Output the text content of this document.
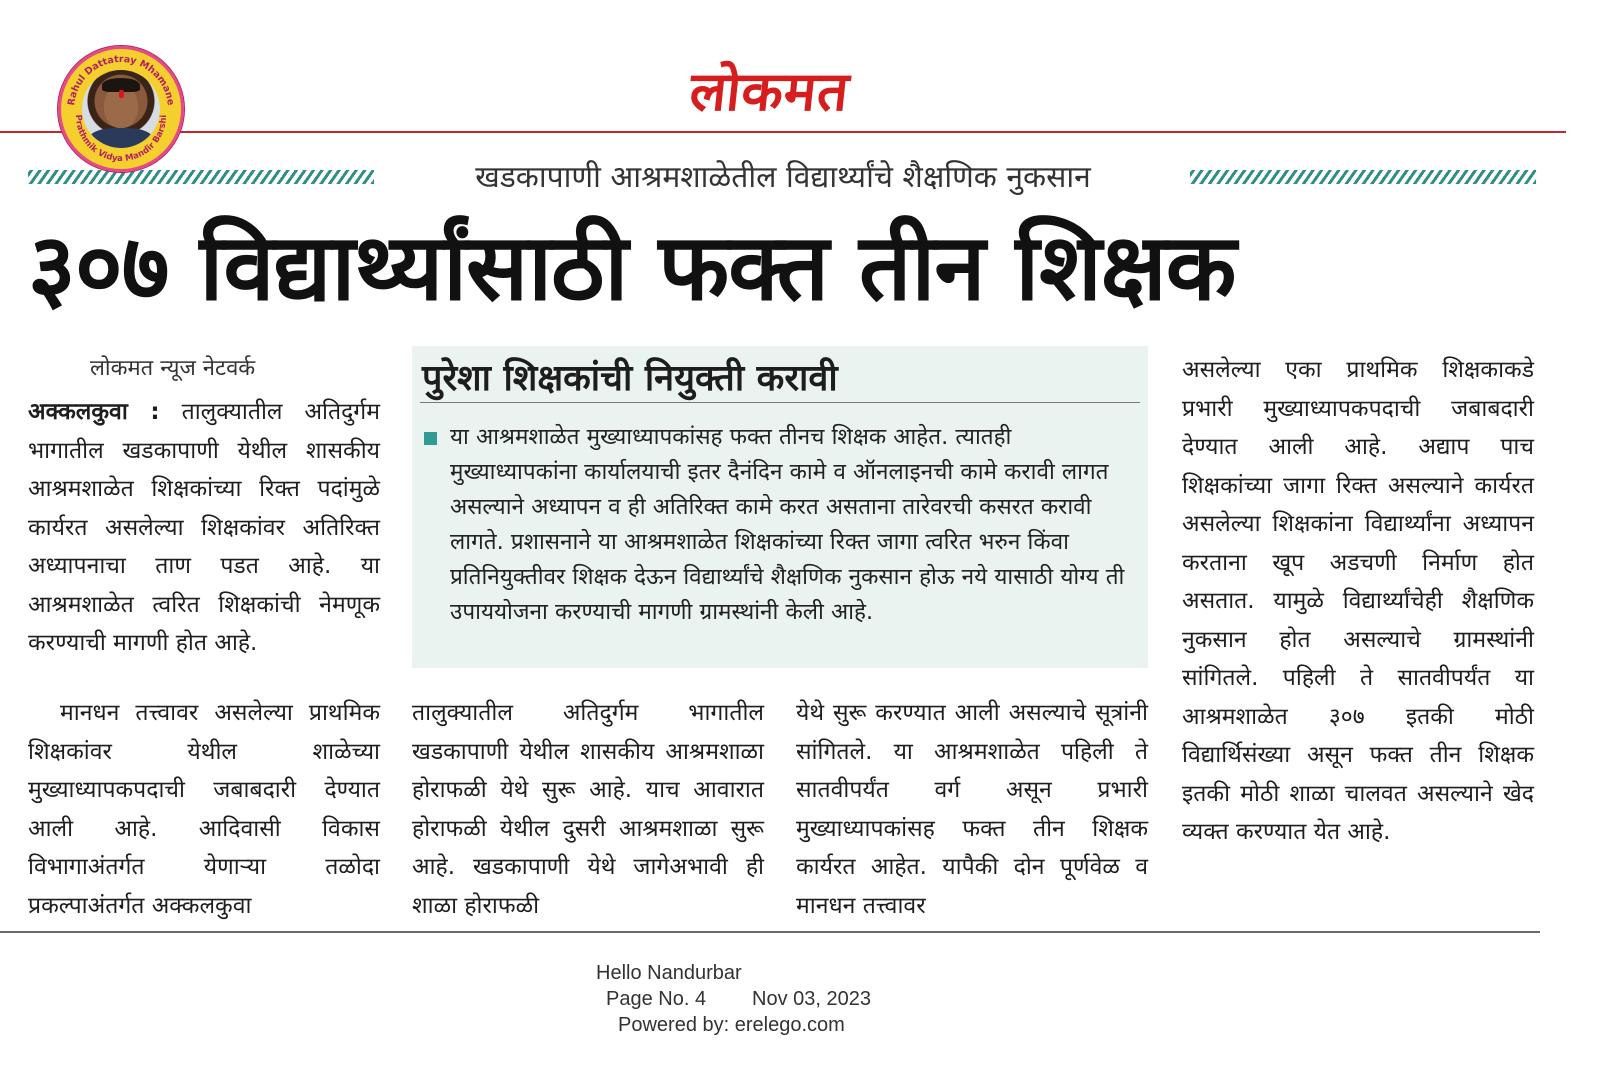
लोकमत
Rahul Dattatray Mhamane
Prathmik Vidya Mandir Barshi
खडकापाणी आश्रमशाळेतील विद्यार्थ्यांचे शैक्षणिक नुकसान
३०७ विद्यार्थ्यांसाठी फक्त तीन शिक्षक
लोकमत न्यूज नेटवर्क

अक्कलकुवा : तालुक्यातील अतिदुर्गम भागातील खडकापाणी येथील शासकीय आश्रमशाळेत शिक्षकांच्या रिक्त पदांमुळे कार्यरत असलेल्या शिक्षकांवर अतिरिक्त अध्यापनाचा ताण पडत आहे. या आश्रमशाळेत त्वरित शिक्षकांची नेमणूक करण्याची मागणी होत आहे.

मानधन तत्त्वावर असलेल्या प्राथमिक शिक्षकांवर येथील शाळेच्या मुख्याध्यापकपदाची जबाबदारी देण्यात आली आहे. आदिवासी विकास विभागाअंतर्गत येणाऱ्या तळोदा प्रकल्पाअंतर्गत अक्कलकुवा

पुरेशा शिक्षकांची नियुक्ती करावी
या आश्रमशाळेत मुख्याध्यापकांसह फक्त तीनच शिक्षक आहेत. त्यातही मुख्याध्यापकांना कार्यालयाची इतर दैनंदिन कामे व ऑनलाइनची कामे करावी लागत असल्याने अध्यापन व ही अतिरिक्त कामे करत असताना तारेवरची कसरत करावी लागते. प्रशासनाने या आश्रमशाळेत शिक्षकांच्या रिक्त जागा त्वरित भरुन किंवा प्रतिनियुक्तीवर शिक्षक देऊन विद्यार्थ्यांचे शैक्षणिक नुकसान होऊ नये यासाठी योग्य ती उपाययोजना करण्याची मागणी ग्रामस्थांनी केली आहे.
तालुक्यातील अतिदुर्गम भागातील खडकापाणी येथील शासकीय आश्रमशाळा होराफळी येथे सुरू आहे. याच आवारात होराफळी येथील दुसरी आश्रमशाळा सुरू आहे. खडकापाणी येथे जागेअभावी ही शाळा होराफळी
येथे सुरू करण्यात आली असल्याचे सूत्रांनी सांगितले. या आश्रमशाळेत पहिली ते सातवीपर्यंत वर्ग असून प्रभारी मुख्याध्यापकांसह फक्त तीन शिक्षक कार्यरत आहेत. यापैकी दोन पूर्णवेळ व मानधन तत्त्वावर
असलेल्या एका प्राथमिक शिक्षकाकडे प्रभारी मुख्याध्यापकपदाची जबाबदारी देण्यात आली आहे. अद्याप पाच शिक्षकांच्या जागा रिक्त असल्याने कार्यरत असलेल्या शिक्षकांना विद्यार्थ्यांना अध्यापन करताना खूप अडचणी निर्माण होत असतात. यामुळे विद्यार्थ्यांचेही शैक्षणिक नुकसान होत असल्याचे ग्रामस्थांनी सांगितले. पहिली ते सातवीपर्यंत या आश्रमशाळेत ३०७ इतकी मोठी विद्यार्थिसंख्या असून फक्त तीन शिक्षक इतकी मोठी शाळा चालवत असल्याने खेद व्यक्त करण्यात येत आहे.
Hello Nandurbar
Page No. 4 Nov 03, 2023
Powered by: erelego.com
